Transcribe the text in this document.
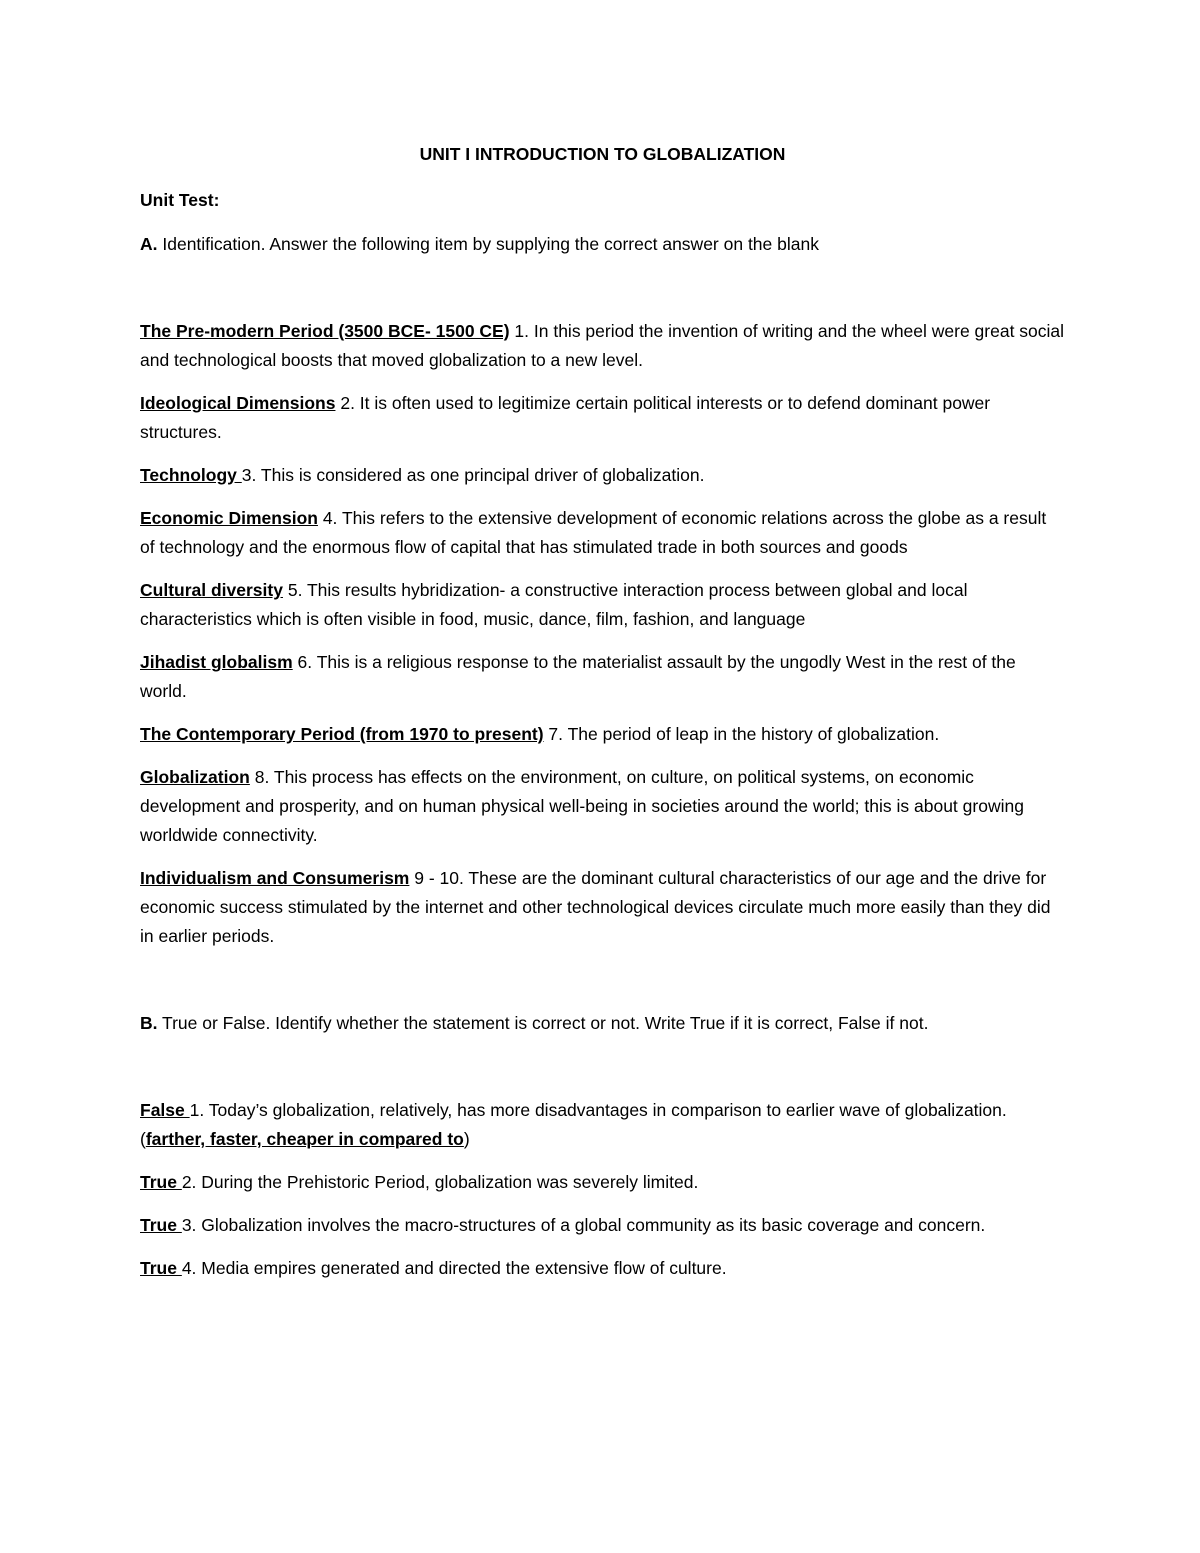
UNIT I INTRODUCTION TO GLOBALIZATION
Unit Test:
A. Identification. Answer the following item by supplying the correct answer on the blank
The Pre-modern Period (3500 BCE- 1500 CE) 1. In this period the invention of writing and the wheel were great social and technological boosts that moved globalization to a new level.
Ideological Dimensions 2. It is often used to legitimize certain political interests or to defend dominant power structures.
Technology 3. This is considered as one principal driver of globalization.
Economic Dimension 4. This refers to the extensive development of economic relations across the globe as a result of technology and the enormous flow of capital that has stimulated trade in both sources and goods
Cultural diversity 5. This results hybridization- a constructive interaction process between global and local characteristics which is often visible in food, music, dance, film, fashion, and language
Jihadist globalism 6. This is a religious response to the materialist assault by the ungodly West in the rest of the world.
The Contemporary Period (from 1970 to present) 7. The period of leap in the history of globalization.
Globalization 8. This process has effects on the environment, on culture, on political systems, on economic development and prosperity, and on human physical well-being in societies around the world; this is about growing worldwide connectivity.
Individualism and Consumerism 9 - 10. These are the dominant cultural characteristics of our age and the drive for economic success stimulated by the internet and other technological devices circulate much more easily than they did in earlier periods.
B. True or False. Identify whether the statement is correct or not. Write True if it is correct, False if not.
False 1. Today’s globalization, relatively, has more disadvantages in comparison to earlier wave of globalization. (farther, faster, cheaper in compared to)
True 2. During the Prehistoric Period, globalization was severely limited.
True 3. Globalization involves the macro-structures of a global community as its basic coverage and concern.
True 4. Media empires generated and directed the extensive flow of culture.
